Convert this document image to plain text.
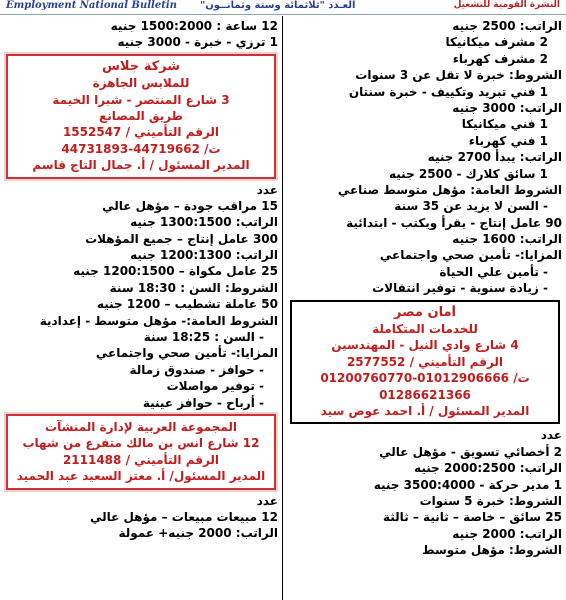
Employment National Bulletin العـدد "ثلاثمائة وستة وثمانــون"	النشرة القومية للتشغيل
12 ساعة : 1500:2000 جنيه
1 ترزي - خبرة - 3000 جنيه
شركة جلاس
للملابس الجاهزة
3 شارع المنتصر - شبرا الخيمة
طريق المصانع
الرقم التأميني / 1552547
ت/ 44719662-44731893
المدير المسئول / أ. جمال التاج قاسم
عدد
15 مراقب جودة – مؤهل عالي
الراتب: 1300:1500 جنيه
300 عامل إنتاج – جميع المؤهلات
الراتب: 1200:1300 جنيه
25 عامل مكواة – 1200:1500 جنيه
الشروط: السن : 18:30 سنة
50 عاملة تشطيب – 1200 جنيه
الشروط العامة:- مؤهل متوسط - إعدادية
- السن : 18:25 سنة
المزايا:- تأمين صحي واجتماعي
- حوافز - صندوق زمالة
- توفير مواصلات
- أرباح - حوافز عينية
المجموعة العربية لإدارة المنشآت
12 شارع انس بن مالك متفرع من شهاب
الرقم التأميني / 2111488
المدير المسئول/ أ. معتز السعيد عبد الحميد
عدد
12 مبيعات مبيعات – مؤهل عالي
الراتب: 2000 جنيه+ عمولة
الراتب: 2500 جنيه
2 مشرف ميكانيكا
2 مشرف كهرباء
الشروط: خبرة لا تقل عن 3 سنوات
1 فني تبريد وتكييف - خبرة سنتان
الراتب: 3000 جنيه
1 فني ميكانيكا
1 فني كهرباء
الراتب: يبدأ 2700 جنيه
1 سائق كلارك - 2500 جنيه
الشروط العامة: مؤهل متوسط صناعي
- السن لا يزيد عن 35 سنة
90 عامل إنتاج - يقرأ ويكتب - ابتدائية
الراتب: 1600 جنيه
المزايا:- تأمين صحي واجتماعي
- تأمين علي الحياة
- زيادة سنوية - توفير انتقالات
أمان مصر
للخدمات المتكاملة
4 شارع وادي النيل - المهندسين
الرقم التأميني / 2577552
ت/ 01012906666-01200760770
01286621366
المدير المسئول / أ. احمد عوض سيد
عدد
2 أخصائي تسويق - مؤهل عالي
الراتب: 2000:2500 جنيه
1 مدير حركة - 3500:4000 جنيه
الشروط: خبرة 5 سنوات
25 سائق – خاصة – ثانية – ثالثة
الراتب: 2000 جنيه
الشروط: مؤهل متوسط
